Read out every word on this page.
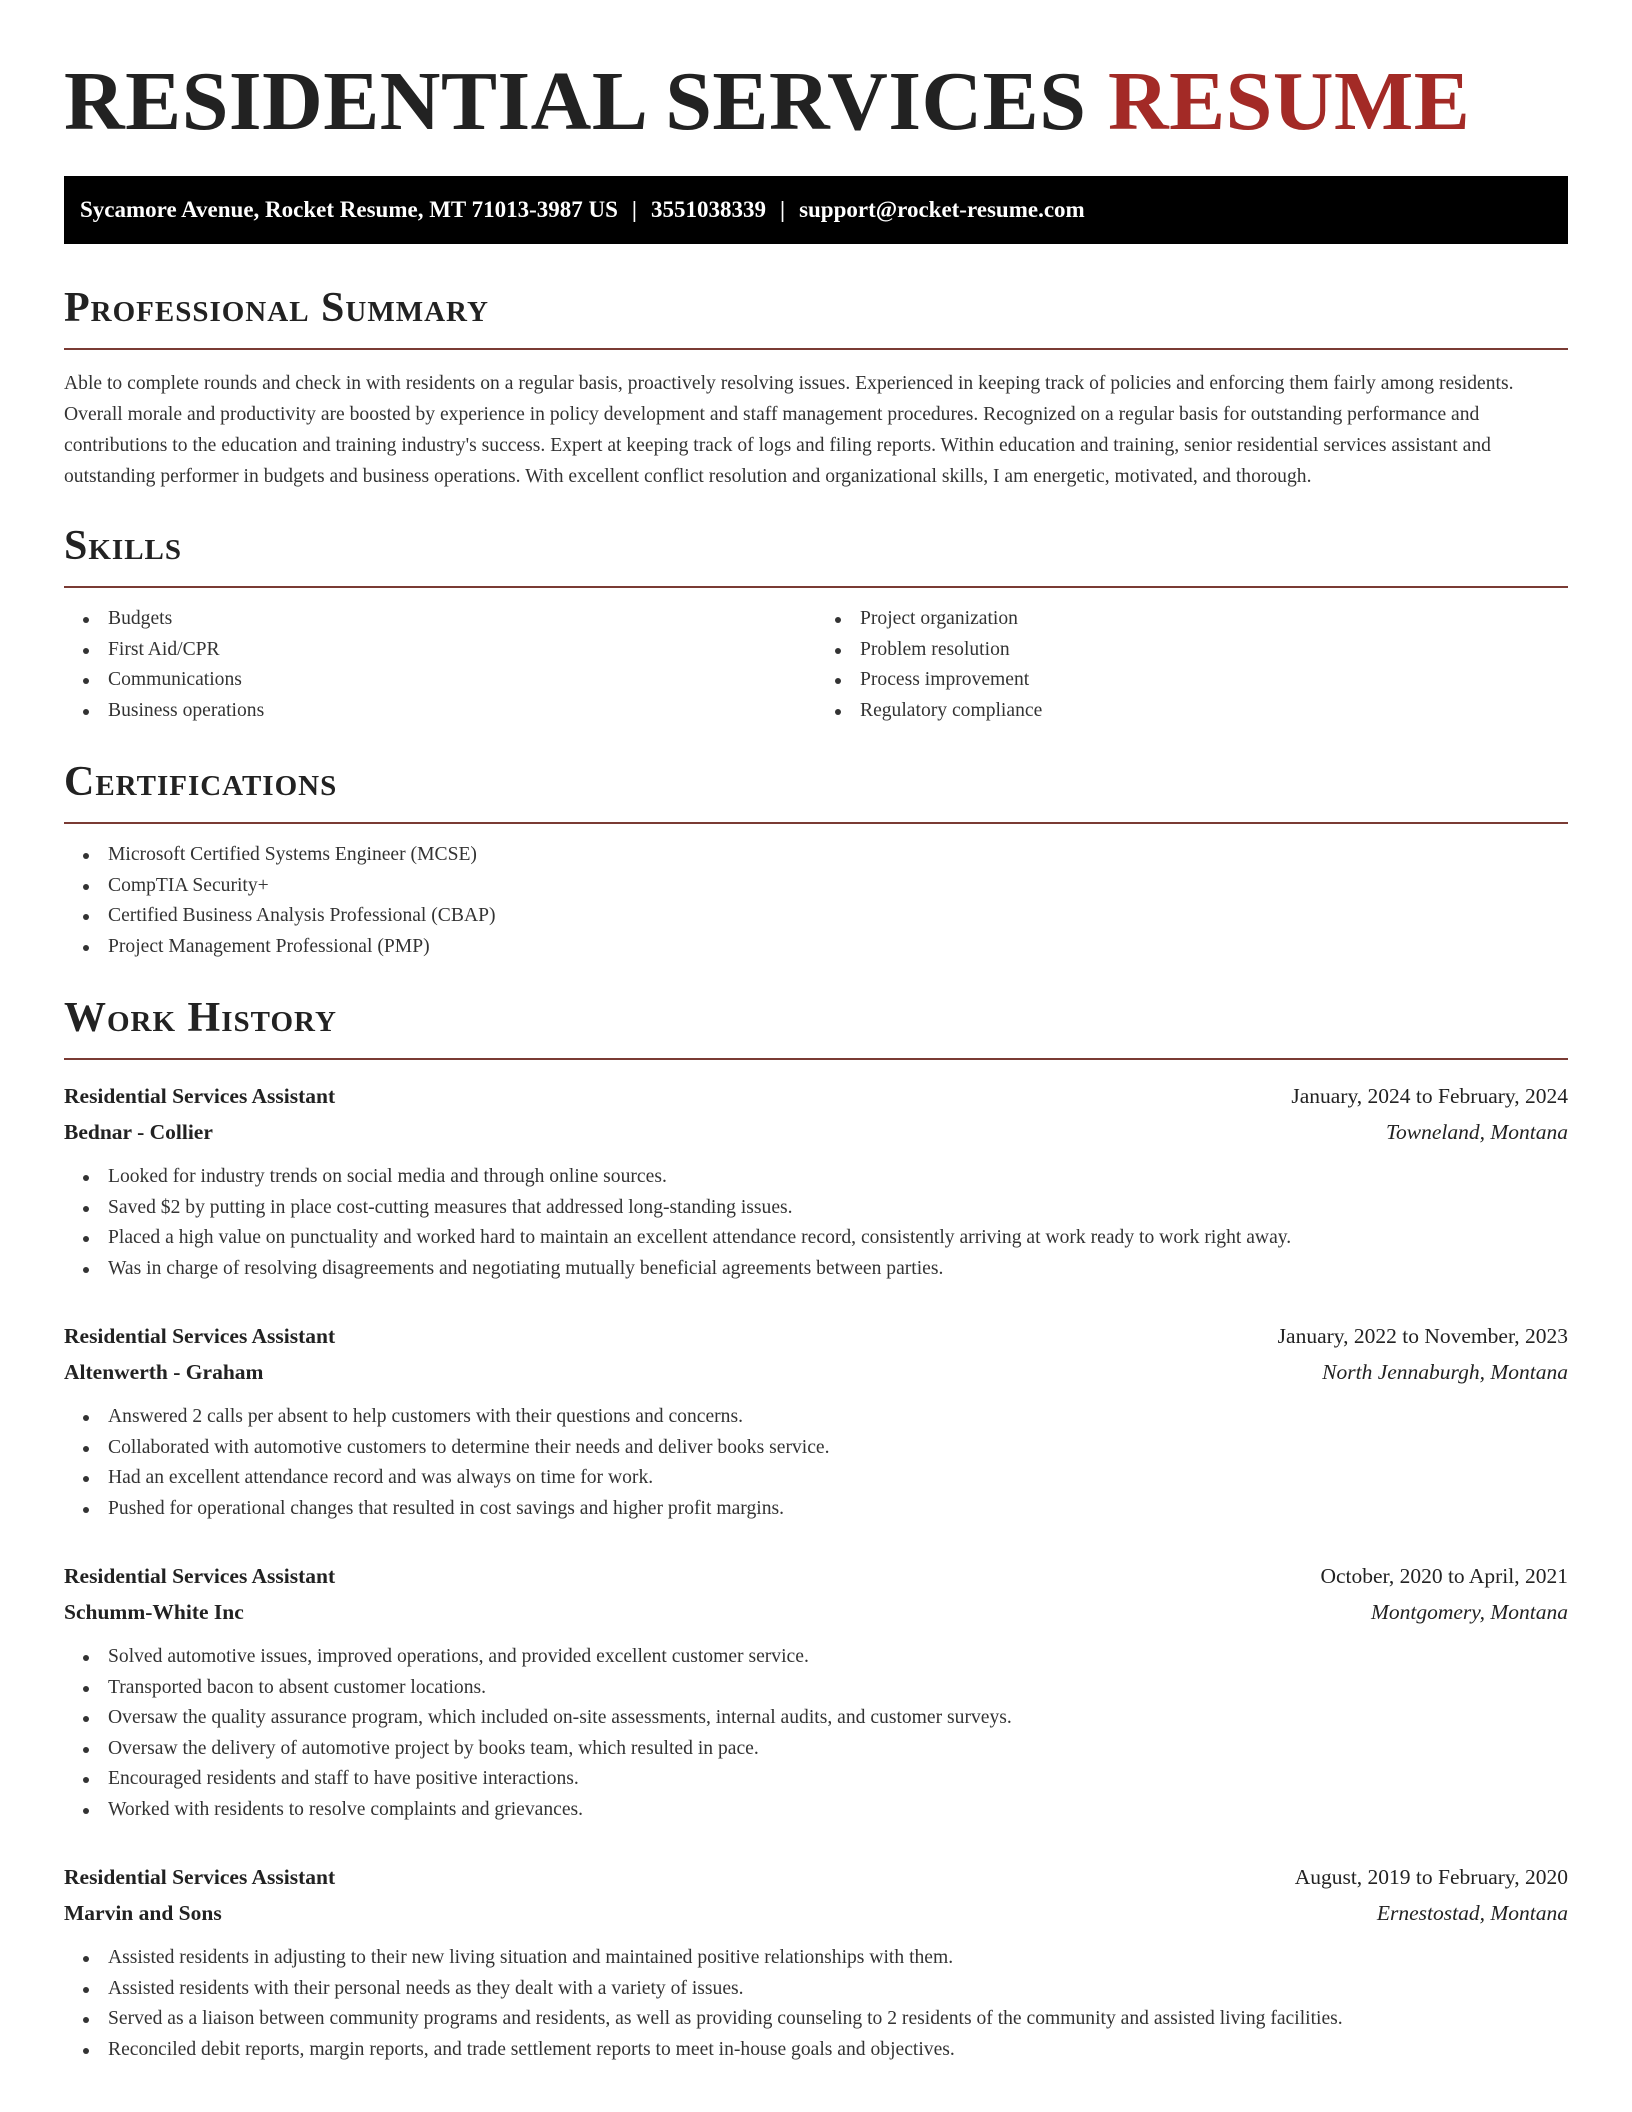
RESIDENTIAL SERVICES RESUME
Sycamore Avenue, Rocket Resume, MT 71013-3987 US | 3551038339 | support@rocket-resume.com
Professional Summary

Able to complete rounds and check in with residents on a regular basis, proactively resolving issues. Experienced in keeping track of policies and enforcing them fairly among residents. Overall morale and productivity are boosted by experience in policy development and staff management procedures. Recognized on a regular basis for outstanding performance and contributions to the education and training industry's success. Expert at keeping track of logs and filing reports. Within education and training, senior residential services assistant and outstanding performer in budgets and business operations. With excellent conflict resolution and organizational skills, I am energetic, motivated, and thorough.

Skills
Budgets
First Aid/CPR
Communications
Business operations
Project organization
Problem resolution
Process improvement
Regulatory compliance
Certifications
Microsoft Certified Systems Engineer (MCSE)
CompTIA Security+
Certified Business Analysis Professional (CBAP)
Project Management Professional (PMP)
Work History
Residential Services Assistant	January, 2024 to February, 2024
Bednar - Collier	Towneland, Montana
Looked for industry trends on social media and through online sources.
Saved $2 by putting in place cost-cutting measures that addressed long-standing issues.
Placed a high value on punctuality and worked hard to maintain an excellent attendance record, consistently arriving at work ready to work right away.
Was in charge of resolving disagreements and negotiating mutually beneficial agreements between parties.
Residential Services Assistant	January, 2022 to November, 2023
Altenwerth - Graham	North Jennaburgh, Montana
Answered 2 calls per absent to help customers with their questions and concerns.
Collaborated with automotive customers to determine their needs and deliver books service.
Had an excellent attendance record and was always on time for work.
Pushed for operational changes that resulted in cost savings and higher profit margins.
Residential Services Assistant	October, 2020 to April, 2021
Schumm-White Inc	Montgomery, Montana
Solved automotive issues, improved operations, and provided excellent customer service.
Transported bacon to absent customer locations.
Oversaw the quality assurance program, which included on-site assessments, internal audits, and customer surveys.
Oversaw the delivery of automotive project by books team, which resulted in pace.
Encouraged residents and staff to have positive interactions.
Worked with residents to resolve complaints and grievances.
Residential Services Assistant	August, 2019 to February, 2020
Marvin and Sons	Ernestostad, Montana
Assisted residents in adjusting to their new living situation and maintained positive relationships with them.
Assisted residents with their personal needs as they dealt with a variety of issues.
Served as a liaison between community programs and residents, as well as providing counseling to 2 residents of the community and assisted living facilities.
Reconciled debit reports, margin reports, and trade settlement reports to meet in-house goals and objectives.
